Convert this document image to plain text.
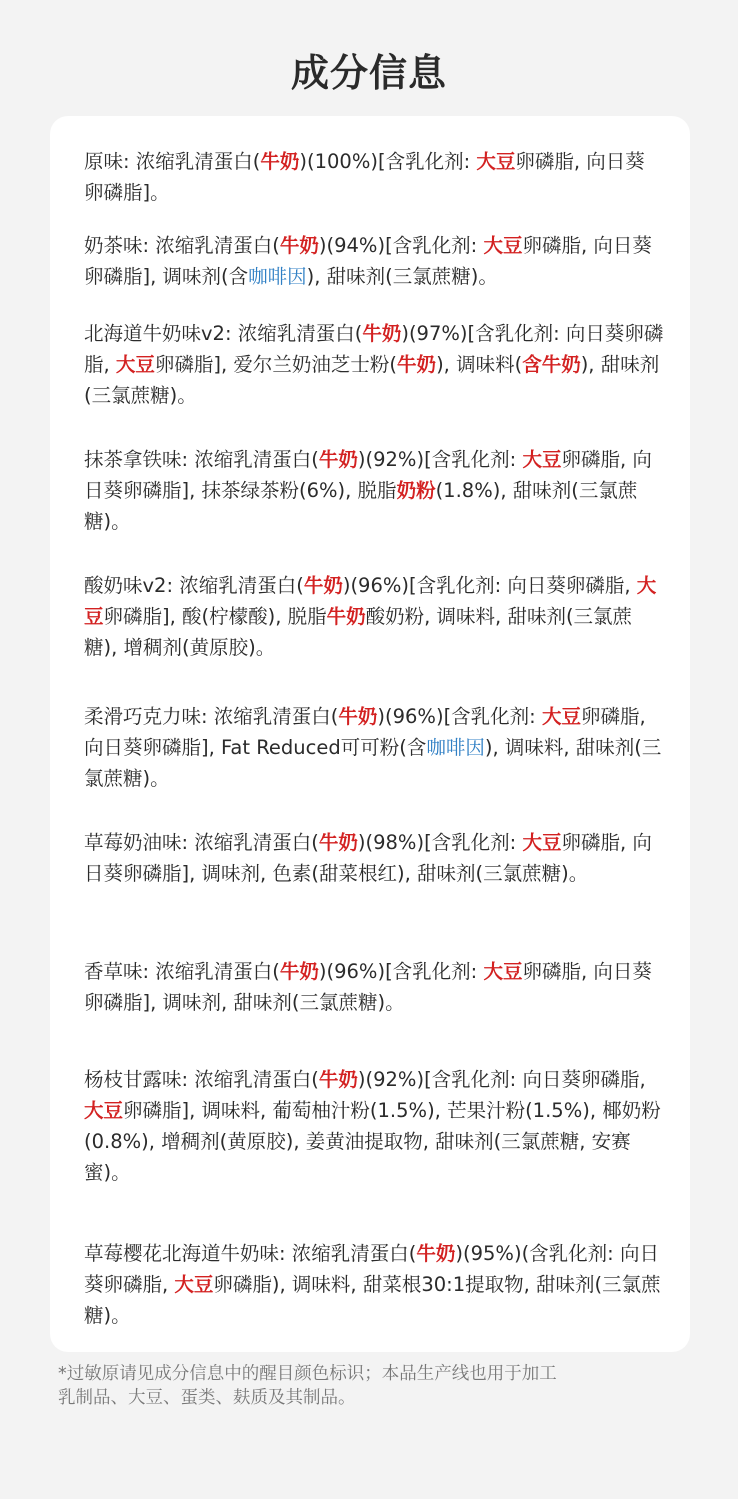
成分信息

原味: 浓缩乳清蛋白(牛奶)(100%)[含乳化剂: 大豆卵磷脂, 向日葵卵磷脂]。

奶茶味: 浓缩乳清蛋白(牛奶)(94%)[含乳化剂: 大豆卵磷脂, 向日葵卵磷脂], 调味剂(含咖啡因), 甜味剂(三氯蔗糖)。

北海道牛奶味v2: 浓缩乳清蛋白(牛奶)(97%)[含乳化剂: 向日葵卵磷脂, 大豆卵磷脂], 爱尔兰奶油芝士粉(牛奶), 调味料(含牛奶), 甜味剂(三氯蔗糖)。

抹茶拿铁味: 浓缩乳清蛋白(牛奶)(92%)[含乳化剂: 大豆卵磷脂, 向日葵卵磷脂], 抹茶绿茶粉(6%), 脱脂奶粉(1.8%), 甜味剂(三氯蔗糖)。

酸奶味v2: 浓缩乳清蛋白(牛奶)(96%)[含乳化剂: 向日葵卵磷脂, 大豆卵磷脂], 酸(柠檬酸), 脱脂牛奶酸奶粉, 调味料, 甜味剂(三氯蔗糖), 增稠剂(黄原胶)。

柔滑巧克力味: 浓缩乳清蛋白(牛奶)(96%)[含乳化剂: 大豆卵磷脂, 向日葵卵磷脂], Fat Reduced可可粉(含咖啡因), 调味料, 甜味剂(三氯蔗糖)。

草莓奶油味: 浓缩乳清蛋白(牛奶)(98%)[含乳化剂: 大豆卵磷脂, 向日葵卵磷脂], 调味剂, 色素(甜菜根红), 甜味剂(三氯蔗糖)。

香草味: 浓缩乳清蛋白(牛奶)(96%)[含乳化剂: 大豆卵磷脂, 向日葵卵磷脂], 调味剂, 甜味剂(三氯蔗糖)。

杨枝甘露味: 浓缩乳清蛋白(牛奶)(92%)[含乳化剂: 向日葵卵磷脂, 大豆卵磷脂], 调味料, 葡萄柚汁粉(1.5%), 芒果汁粉(1.5%), 椰奶粉(0.8%), 增稠剂(黄原胶), 姜黄油提取物, 甜味剂(三氯蔗糖, 安赛蜜)。

草莓樱花北海道牛奶味: 浓缩乳清蛋白(牛奶)(95%)(含乳化剂: 向日葵卵磷脂, 大豆卵磷脂), 调味料, 甜菜根30:1提取物, 甜味剂(三氯蔗糖)。

*过敏原请见成分信息中的醒目颜色标识；本品生产线也用于加工

乳制品、大豆、蛋类、麸质及其制品。
